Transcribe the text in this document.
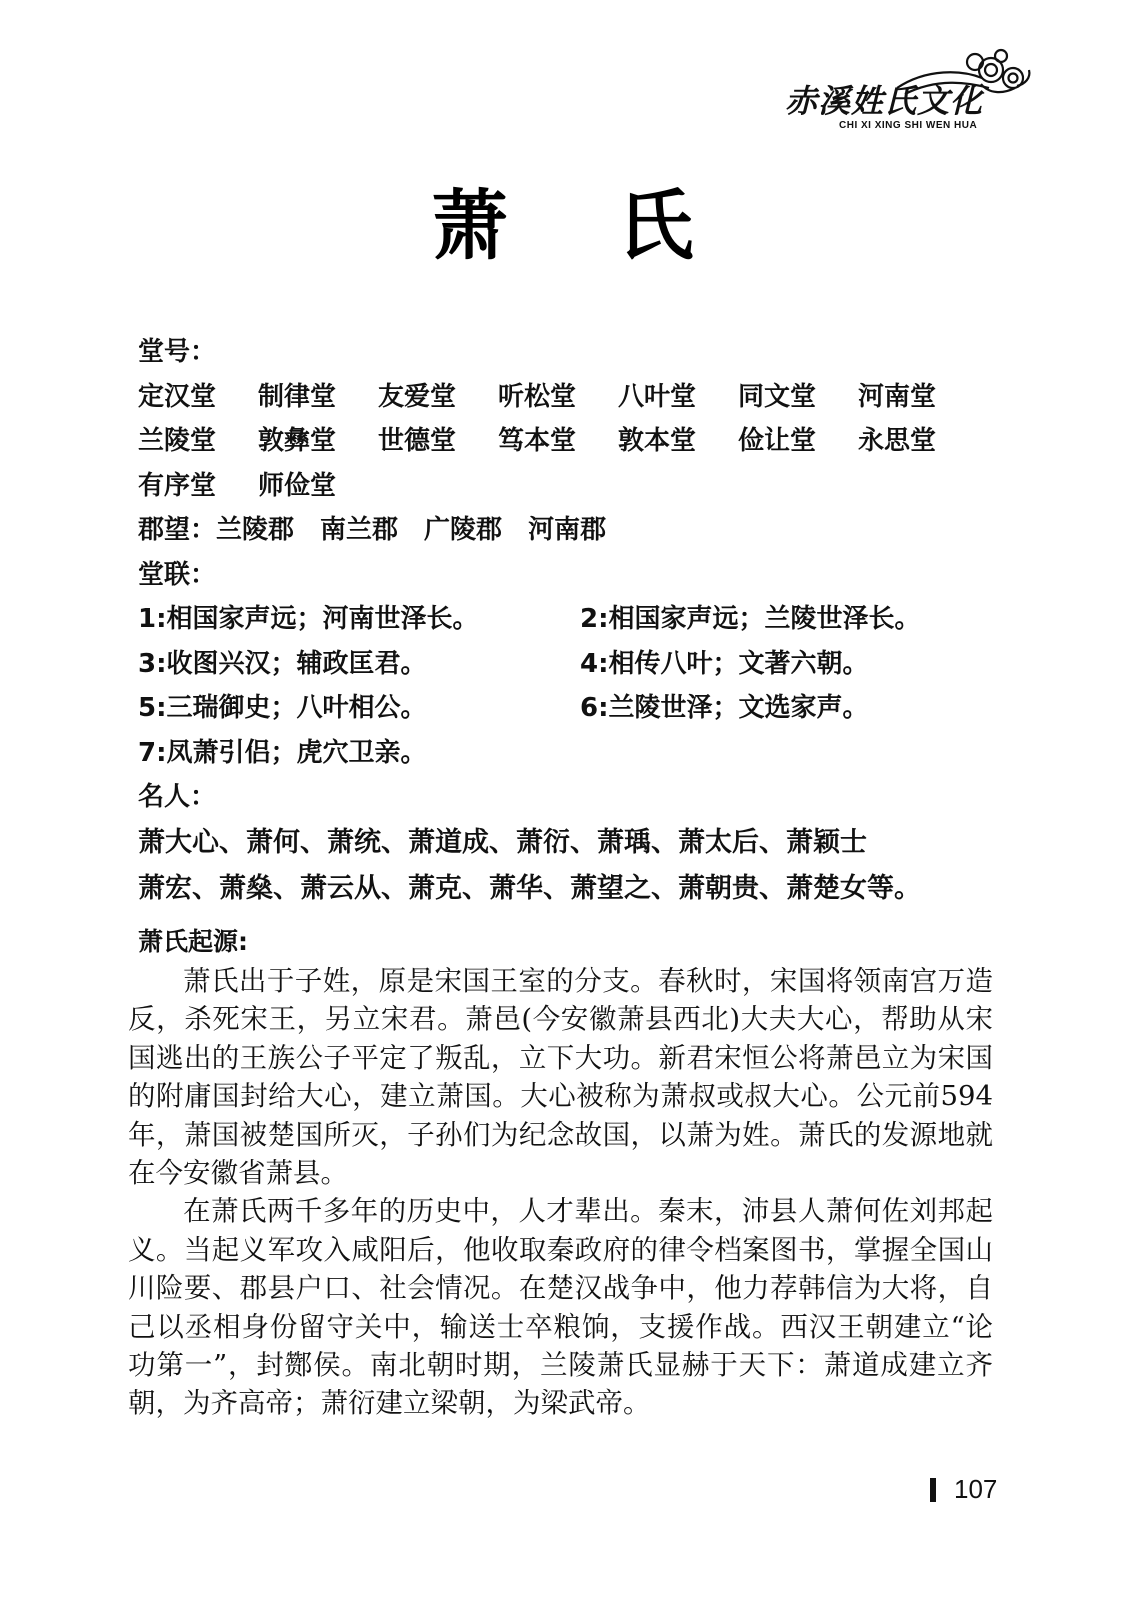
赤溪姓氏文化
CHI XI XING SHI WEN HUA
萧氏
堂号：
定汉堂	制律堂	友爱堂	听松堂	八叶堂	同文堂	河南堂
兰陵堂	敦彝堂	世德堂	笃本堂	敦本堂	俭让堂	永思堂
有序堂	师俭堂
郡望：兰陵郡 南兰郡 广陵郡 河南郡
堂联：
1:相国家声远；河南世泽长。	2:相国家声远；兰陵世泽长。
3:收图兴汉；辅政匡君。	4:相传八叶；文著六朝。
5:三瑞御史；八叶相公。	6:兰陵世泽；文选家声。
7:凤萧引侣；虎穴卫亲。
名人：
萧大心、萧何、萧统、萧道成、萧衍、萧瑀、萧太后、萧颖士
萧宏、萧燊、萧云从、萧克、萧华、萧望之、萧朝贵、萧楚女等。
萧氏起源:

萧氏出于子姓，原是宋国王室的分支。春秋时，宋国将领南宫万造反，杀死宋王，另立宋君。萧邑(今安徽萧县西北)大夫大心，帮助从宋国逃出的王族公子平定了叛乱，立下大功。新君宋恒公将萧邑立为宋国的附庸国封给大心，建立萧国。大心被称为萧叔或叔大心。公元前594年，萧国被楚国所灭，子孙们为纪念故国，以萧为姓。萧氏的发源地就在今安徽省萧县。

在萧氏两千多年的历史中，人才辈出。秦末，沛县人萧何佐刘邦起义。当起义军攻入咸阳后，他收取秦政府的律令档案图书，掌握全国山川险要、郡县户口、社会情况。在楚汉战争中，他力荐韩信为大将，自己以丞相身份留守关中，输送士卒粮饷，支援作战。西汉王朝建立“论功第一”，封酂侯。南北朝时期，兰陵萧氏显赫于天下：萧道成建立齐朝，为齐高帝；萧衍建立梁朝，为梁武帝。

107
